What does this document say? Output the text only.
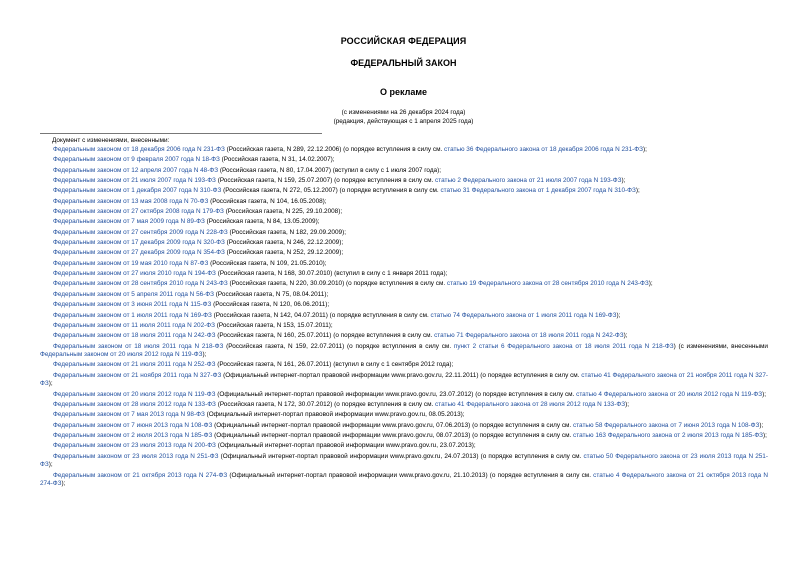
РОССИЙСКАЯ ФЕДЕРАЦИЯ
ФЕДЕРАЛЬНЫЙ ЗАКОН
О рекламе
(с изменениями на 26 декабря 2024 года)
(редакция, действующая с 1 апреля 2025 года)
Документ с изменениями, внесенными:

Федеральным законом от 18 декабря 2006 года N 231-ФЗ (Российская газета, N 289, 22.12.2006) (о порядке вступления в силу см. статью 36 Федерального закона от 18 декабря 2006 года N 231-ФЗ);

Федеральным законом от 9 февраля 2007 года N 18-ФЗ (Российская газета, N 31, 14.02.2007);

Федеральным законом от 12 апреля 2007 года N 48-ФЗ (Российская газета, N 80, 17.04.2007) (вступил в силу с 1 июля 2007 года);

Федеральным законом от 21 июля 2007 года N 193-ФЗ (Российская газета, N 159, 25.07.2007) (о порядке вступления в силу см. статью 2 Федерального закона от 21 июля 2007 года N 193-ФЗ);

Федеральным законом от 1 декабря 2007 года N 310-ФЗ (Российская газета, N 272, 05.12.2007) (о порядке вступления в силу см. статью 31 Федерального закона от 1 декабря 2007 года N 310-ФЗ);

Федеральным законом от 13 мая 2008 года N 70-ФЗ (Российская газета, N 104, 16.05.2008);

Федеральным законом от 27 октября 2008 года N 179-ФЗ (Российская газета, N 225, 29.10.2008);

Федеральным законом от 7 мая 2009 года N 89-ФЗ (Российская газета, N 84, 13.05.2009);

Федеральным законом от 27 сентября 2009 года N 228-ФЗ (Российская газета, N 182, 29.09.2009);

Федеральным законом от 17 декабря 2009 года N 320-ФЗ (Российская газета, N 246, 22.12.2009);

Федеральным законом от 27 декабря 2009 года N 354-ФЗ (Российская газета, N 252, 29.12.2009);

Федеральным законом от 19 мая 2010 года N 87-ФЗ (Российская газета, N 109, 21.05.2010);

Федеральным законом от 27 июля 2010 года N 194-ФЗ (Российская газета, N 168, 30.07.2010) (вступил в силу с 1 января 2011 года);

Федеральным законом от 28 сентября 2010 года N 243-ФЗ (Российская газета, N 220, 30.09.2010) (о порядке вступления в силу см. статью 19 Федерального закона от 28 сентября 2010 года N 243-ФЗ);

Федеральным законом от 5 апреля 2011 года N 56-ФЗ (Российская газета, N 75, 08.04.2011);

Федеральным законом от 3 июня 2011 года N 115-ФЗ (Российская газета, N 120, 06.06.2011);

Федеральным законом от 1 июля 2011 года N 169-ФЗ (Российская газета, N 142, 04.07.2011) (о порядке вступления в силу см. статью 74 Федерального закона от 1 июля 2011 года N 169-ФЗ);

Федеральным законом от 11 июля 2011 года N 202-ФЗ (Российская газета, N 153, 15.07.2011);

Федеральным законом от 18 июля 2011 года N 242-ФЗ (Российская газета, N 160, 25.07.2011) (о порядке вступления в силу см. статью 71 Федерального закона от 18 июля 2011 года N 242-ФЗ);

Федеральным законом от 18 июля 2011 года N 218-ФЗ (Российская газета, N 159, 22.07.2011) (о порядке вступления в силу см. пункт 2 статьи 6 Федерального закона от 18 июля 2011 года N 218-ФЗ) (с изменениями, внесенными Федеральным законом от 20 июля 2012 года N 119-ФЗ);

Федеральным законом от 21 июля 2011 года N 252-ФЗ (Российская газета, N 161, 26.07.2011) (вступил в силу с 1 сентября 2012 года);

Федеральным законом от 21 ноября 2011 года N 327-ФЗ (Официальный интернет-портал правовой информации www.pravo.gov.ru, 22.11.2011) (о порядке вступления в силу см. статью 41 Федерального закона от 21 ноября 2011 года N 327-ФЗ);

Федеральным законом от 20 июля 2012 года N 119-ФЗ (Официальный интернет-портал правовой информации www.pravo.gov.ru, 23.07.2012) (о порядке вступления в силу см. статью 4 Федерального закона от 20 июля 2012 года N 119-ФЗ);

Федеральным законом от 28 июля 2012 года N 133-ФЗ (Российская газета, N 172, 30.07.2012) (о порядке вступления в силу см. статью 41 Федерального закона от 28 июля 2012 года N 133-ФЗ);

Федеральным законом от 7 мая 2013 года N 98-ФЗ (Официальный интернет-портал правовой информации www.pravo.gov.ru, 08.05.2013);

Федеральным законом от 7 июня 2013 года N 108-ФЗ (Официальный интернет-портал правовой информации www.pravo.gov.ru, 07.06.2013) (о порядке вступления в силу см. статью 58 Федерального закона от 7 июня 2013 года N 108-ФЗ);

Федеральным законом от 2 июля 2013 года N 185-ФЗ (Официальный интернет-портал правовой информации www.pravo.gov.ru, 08.07.2013) (о порядке вступления в силу см. статью 163 Федерального закона от 2 июля 2013 года N 185-ФЗ);

Федеральным законом от 23 июля 2013 года N 200-ФЗ (Официальный интернет-портал правовой информации www.pravo.gov.ru, 23.07.2013);

Федеральным законом от 23 июля 2013 года N 251-ФЗ (Официальный интернет-портал правовой информации www.pravo.gov.ru, 24.07.2013) (о порядке вступления в силу см. статью 50 Федерального закона от 23 июля 2013 года N 251-ФЗ);

Федеральным законом от 21 октября 2013 года N 274-ФЗ (Официальный интернет-портал правовой информации www.pravo.gov.ru, 21.10.2013) (о порядке вступления в силу см. статью 4 Федерального закона от 21 октября 2013 года N 274-ФЗ);
